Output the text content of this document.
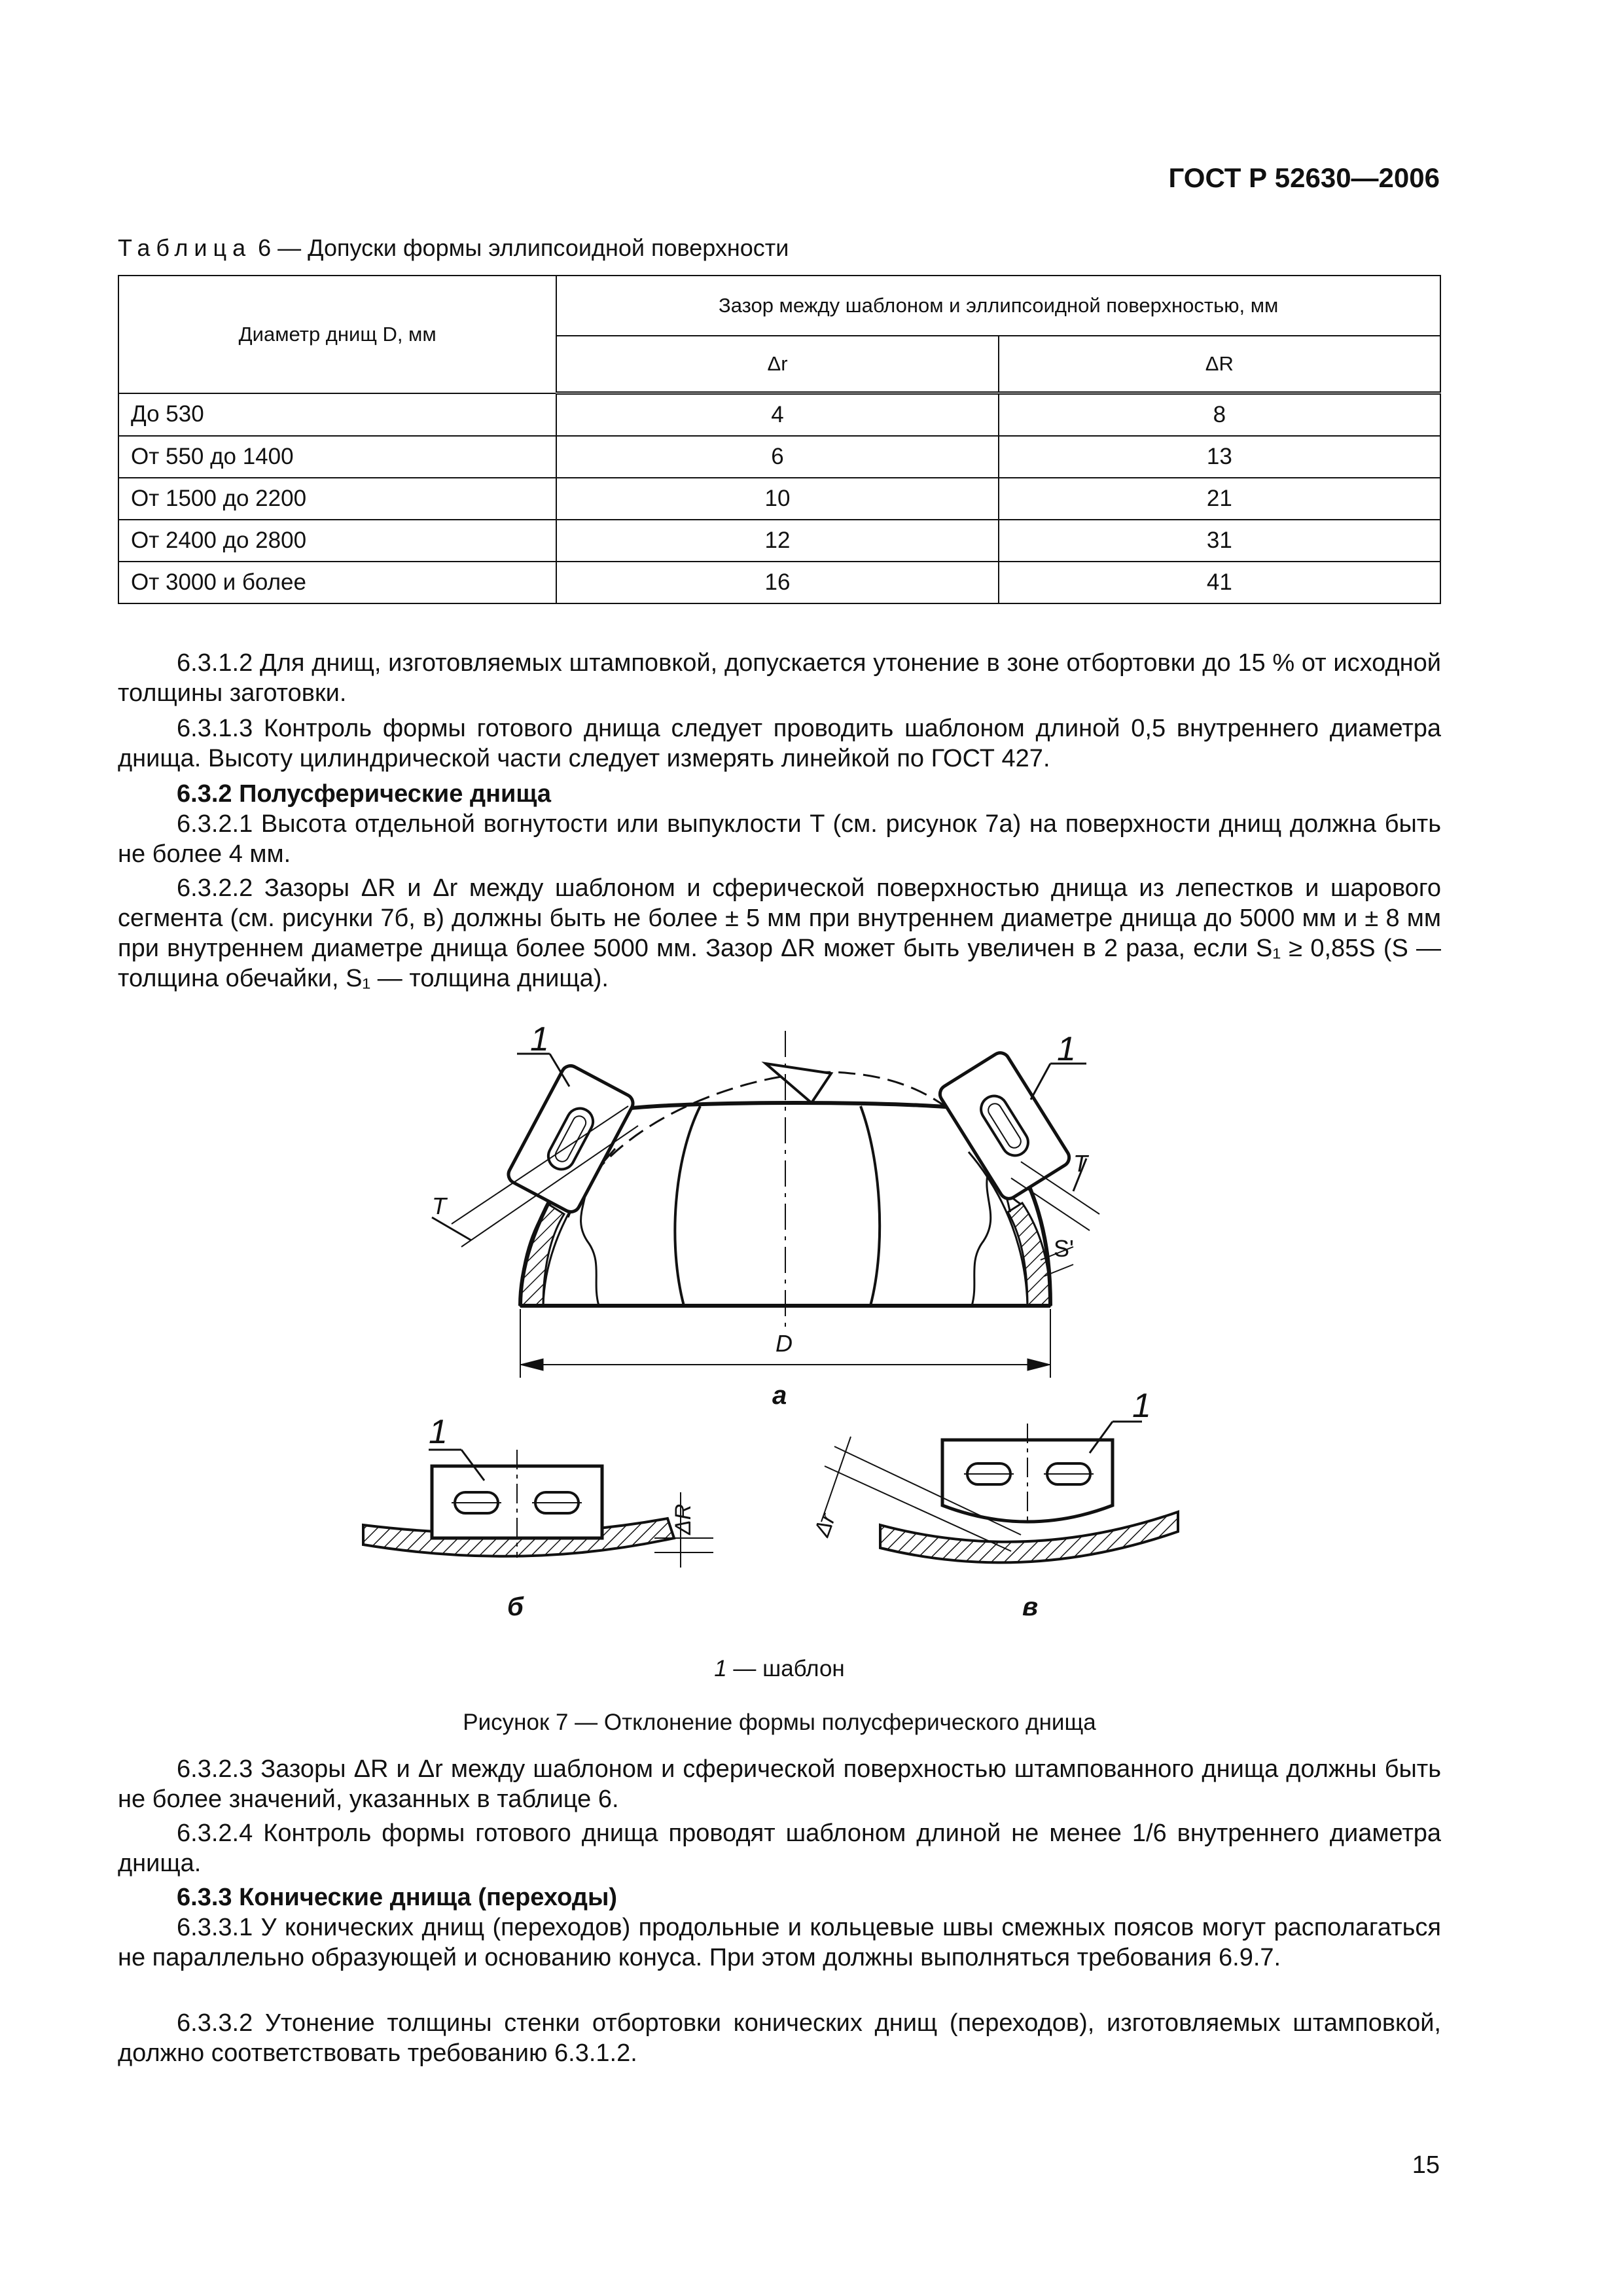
ГОСТ Р 52630—2006
Таблица 6 — Допуски формы эллипсоидной поверхности
Диаметр днищ D, мм	Зазор между шаблоном и эллипсоидной поверхностью, мм	
	Δr	ΔR
До 530	4	8
От 550 до 1400	6	13
От 1500 до 2200	10	21
От 2400 до 2800	12	31
От 3000 и более	16	41
6.3.1.2 Для днищ, изготовляемых штамповкой, допускается утонение в зоне отбортовки до 15 % от исходной толщины заготовки.
6.3.1.3 Контроль формы готового днища следует проводить шаблоном длиной 0,5 внутреннего диаметра днища. Высоту цилиндрической части следует измерять линейкой по ГОСТ 427.
6.3.2 Полусферические днища
6.3.2.1 Высота отдельной вогнутости или выпуклости T (см. рисунок 7а) на поверхности днищ должна быть не более 4 мм.
6.3.2.2 Зазоры ΔR и Δr между шаблоном и сферической поверхностью днища из лепестков и шарового сегмента (см. рисунки 7б, в) должны быть не более ± 5 мм при внутреннем диаметре днища до 5000 мм и ± 8 мм при внутреннем диаметре днища более 5000 мм. Зазор ΔR может быть увеличен в 2 раза, если S₁ ≥ 0,85S (S — толщина обечайки, S₁ — толщина днища).
1	1
T
T
S'
D
а
1
1
ΔR	Δr
б	в
1 — шаблон
Рисунок 7 — Отклонение формы полусферического днища
6.3.2.3 Зазоры ΔR и Δr между шаблоном и сферической поверхностью штампованного днища должны быть не более значений, указанных в таблице 6.
6.3.2.4 Контроль формы готового днища проводят шаблоном длиной не менее 1/6 внутреннего диаметра днища.
6.3.3 Конические днища (переходы)
6.3.3.1 У конических днищ (переходов) продольные и кольцевые швы смежных поясов могут располагаться не параллельно образующей и основанию конуса. При этом должны выполняться требования 6.9.7.
6.3.3.2 Утонение толщины стенки отбортовки конических днищ (переходов), изготовляемых штамповкой, должно соответствовать требованию 6.3.1.2.
15
